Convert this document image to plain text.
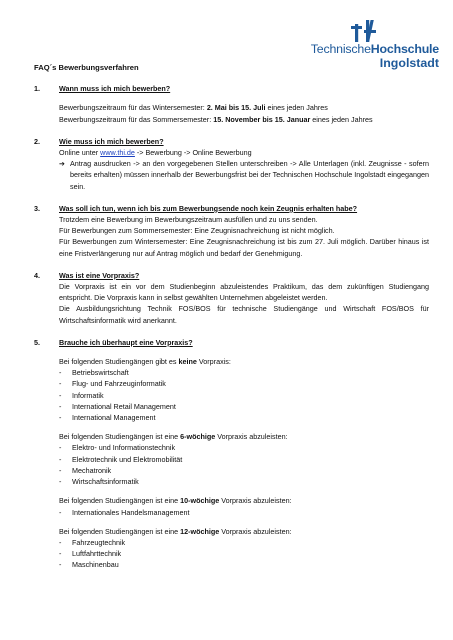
TechnischeHochschule
Ingolstadt
FAQ´s Bewerbungsverfahren
1.	Wann muss ich mich bewerben?
Bewerbungszeitraum für das Wintersemester: 2. Mai bis 15. Juli eines jeden Jahres
Bewerbungszeitraum für das Sommersemester: 15. November bis 15. Januar eines jeden Jahres
2.	Wie muss ich mich bewerben?
Online unter www.thi.de -> Bewerbung -> Online Bewerbung
➔ Antrag ausdrucken -> an den vorgegebenen Stellen unterschreiben -> Alle Unterlagen (inkl. Zeugnisse - sofern bereits erhalten) müssen innerhalb der Bewerbungsfrist bei der Technischen Hochschule Ingolstadt eingegangen sein.
3.	Was soll ich tun, wenn ich bis zum Bewerbungsende noch kein Zeugnis erhalten habe?
Trotzdem eine Bewerbung im Bewerbungszeitraum ausfüllen und zu uns senden.
Für Bewerbungen zum Sommersemester: Eine Zeugnisnachreichung ist nicht möglich.
Für Bewerbungen zum Wintersemester: Eine Zeugnisnachreichung ist bis zum 27. Juli möglich. Darüber hinaus ist eine Fristverlängerung nur auf Antrag möglich und bedarf der Genehmigung.
4.	Was ist eine Vorpraxis?
Die Vorpraxis ist ein vor dem Studienbeginn abzuleistendes Praktikum, das dem zukünftigen Studiengang entspricht. Die Vorpraxis kann in selbst gewählten Unternehmen abgeleistet werden.
Die Ausbildungsrichtung Technik FOS/BOS für technische Studiengänge und Wirtschaft FOS/BOS für Wirtschaftsinformatik wird anerkannt.
5.	Brauche ich überhaupt eine Vorpraxis?
Bei folgenden Studiengängen gibt es keine Vorpraxis:
- Betriebswirtschaft
- Flug- und Fahrzeuginformatik
- Informatik
- International Retail Management
- International Management
Bei folgenden Studiengängen ist eine 6-wöchige Vorpraxis abzuleisten:
- Elektro- und Informationstechnik
- Elektrotechnik und Elektromobilität
- Mechatronik
- Wirtschaftsinformatik
Bei folgenden Studiengängen ist eine 10-wöchige Vorpraxis abzuleisten:
- Internationales Handelsmanagement
Bei folgenden Studiengängen ist eine 12-wöchige Vorpraxis abzuleisten:
- Fahrzeugtechnik
- Luftfahrttechnik
- Maschinenbau
